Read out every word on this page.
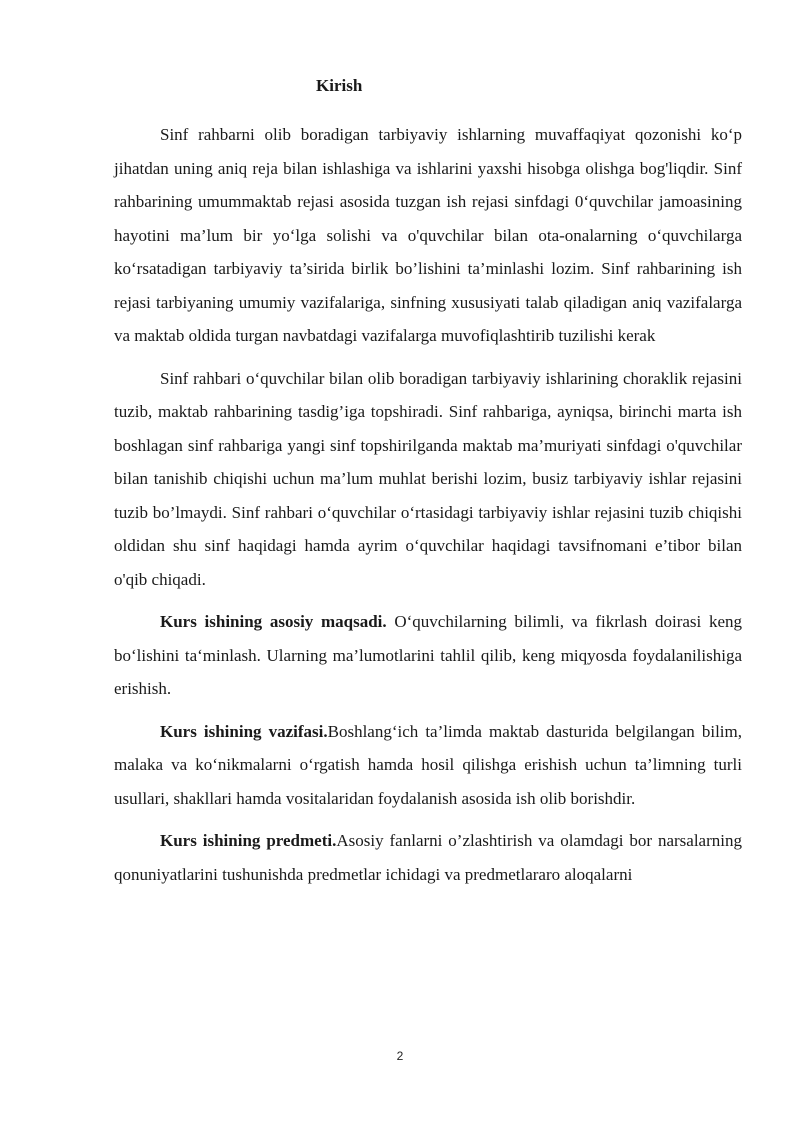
Kirish

Sinf rahbarni olib boradigan tarbiyaviy ishlarning muvaffaqiyat qozonishi ko‘p jihatdan uning aniq reja bilan ishlashiga va ishlarini yaxshi hisobga olishga bog'liqdir. Sinf rahbarining umummaktab rejasi asosida tuzgan ish rejasi sinfdagi 0‘quvchilar jamoasining hayotini ma’lum bir yo‘lga solishi va o'quvchilar bilan ota-onalarning o‘quvchilarga ko‘rsatadigan tarbiyaviy ta’sirida birlik bo’lishini ta’minlashi lozim. Sinf rahbarining ish rejasi tarbiyaning umumiy vazifalariga, sinfning xususiyati talab qiladigan aniq vazifalarga va maktab oldida turgan navbatdagi vazifalarga muvofiqlashtirib tuzilishi kerak

Sinf rahbari o‘quvchilar bilan olib boradigan tarbiyaviy ishlarining choraklik rejasini tuzib, maktab rahbarining tasdig’iga topshiradi. Sinf rahbariga, ayniqsa, birinchi marta ish boshlagan sinf rahbariga yangi sinf topshirilganda maktab ma’muriyati sinfdagi o'quvchilar bilan tanishib chiqishi uchun ma’lum muhlat berishi lozim, busiz tarbiyaviy ishlar rejasini tuzib bo’lmaydi. Sinf rahbari o‘quvchilar o‘rtasidagi tarbiyaviy ishlar rejasini tuzib chiqishi oldidan shu sinf haqidagi hamda ayrim o‘quvchilar haqidagi tavsifnomani e’tibor bilan o'qib chiqadi.

Kurs ishining asosiy maqsadi. O‘quvchilarning bilimli, va fikrlash doirasi keng bo‘lishini ta‘minlash. Ularning ma’lumotlarini tahlil qilib, keng miqyosda foydalanilishiga erishish.

Kurs ishining vazifasi.Boshlang‘ich ta’limda maktab dasturida belgilangan bilim, malaka va ko‘nikmalarni o‘rgatish hamda hosil qilishga erishish uchun ta’limning turli usullari, shakllari hamda vositalaridan foydalanish asosida ish olib borishdir.

Kurs ishining predmeti.Asosiy fanlarni o’zlashtirish va olamdagi bor narsalarning qonuniyatlarini tushunishda predmetlar ichidagi va predmetlararo aloqalarni

2
